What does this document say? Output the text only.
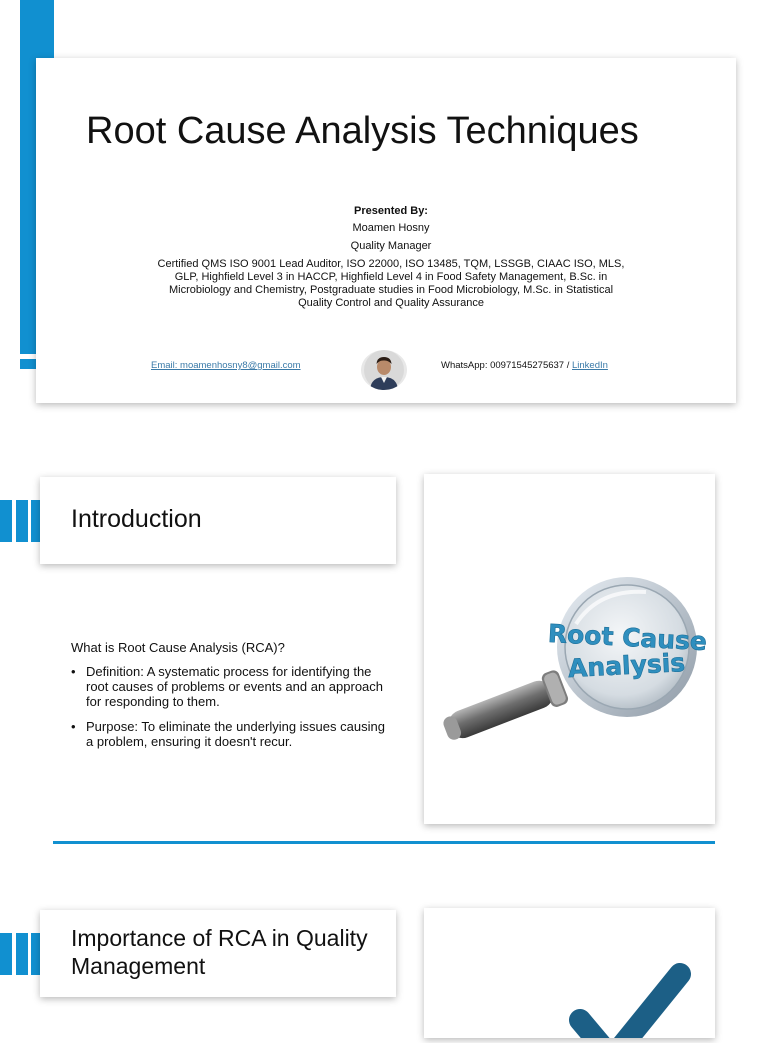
Root Cause Analysis Techniques
Presented By:
Moamen Hosny
Quality Manager
Certified QMS ISO 9001 Lead Auditor, ISO 22000, ISO 13485, TQM, LSSGB, CIAAC ISO, MLS, GLP, Highfield Level 3 in HACCP, Highfield Level 4 in Food Safety Management, B.Sc. in Microbiology and Chemistry, Postgraduate studies in Food Microbiology, M.Sc. in Statistical Quality Control and Quality Assurance
Email: moamenhosny8@gmail.com	WhatsApp: 00971545275637 / LinkedIn
Introduction
What is Root Cause Analysis (RCA)?
• Definition: A systematic process for identifying the root causes of problems or events and an approach for responding to them.
• Purpose: To eliminate the underlying issues causing a problem, ensuring it doesn't recur.
Root Cause
Analysis
Importance of RCA in Quality Management
